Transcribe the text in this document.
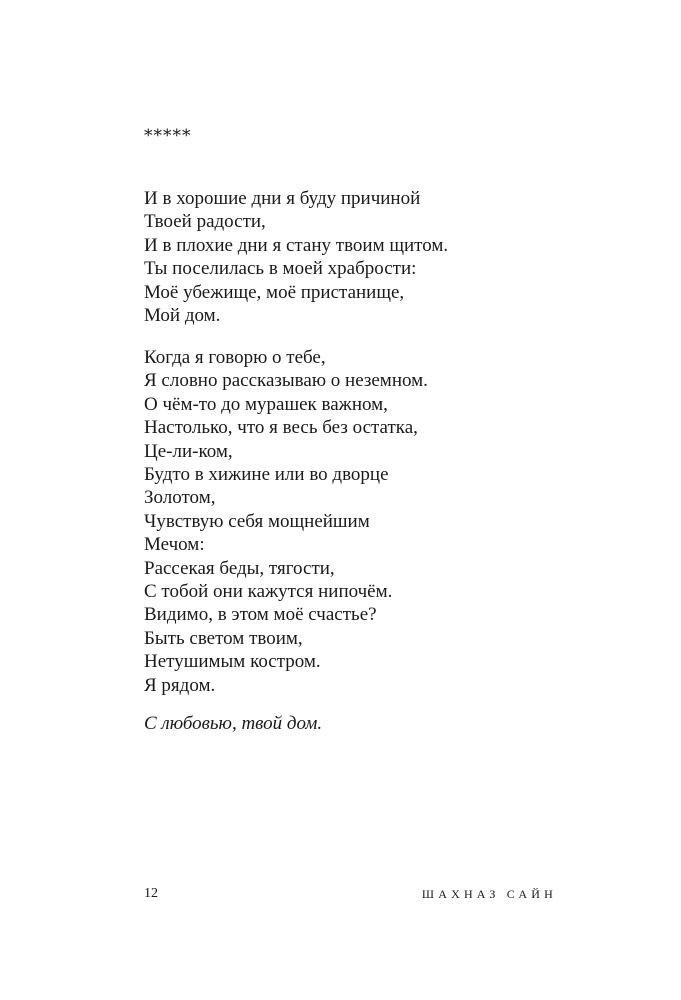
*****
И в хорошие дни я буду причиной
Твоей радости,
И в плохие дни я стану твоим щитом.
Ты поселилась в моей храбрости:
Моё убежище, моё пристанище,
Мой дом.
Когда я говорю о тебе,
Я словно рассказываю о неземном.
О чём-то до мурашек важном,
Настолько, что я весь без остатка,
Це-ли-ком,
Будто в хижине или во дворце
Золотом,
Чувствую себя мощнейшим
Мечом:
Рассекая беды, тягости,
С тобой они кажутся нипочём.
Видимо, в этом моё счастье?
Быть светом твоим,
Нетушимым костром.
Я рядом.
С любовью, твой дом.
12	ШАХНАЗ САЙН
